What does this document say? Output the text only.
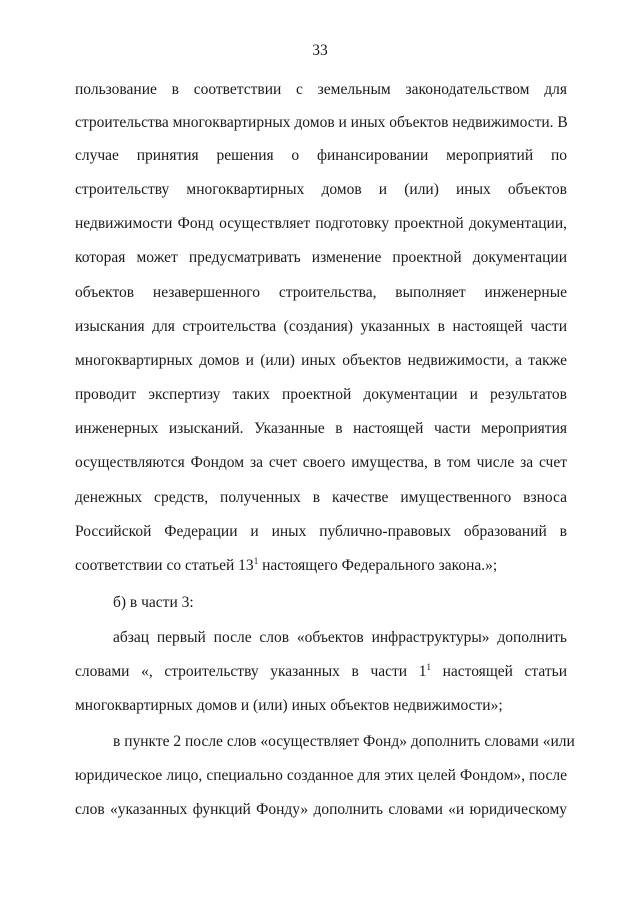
33
пользование в соответствии с земельным законодательством для
строительства многоквартирных домов и иных объектов недвижимости. В
случае принятия решения о финансировании мероприятий по
строительству многоквартирных домов и (или) иных объектов
недвижимости Фонд осуществляет подготовку проектной документации,
которая может предусматривать изменение проектной документации
объектов незавершенного строительства, выполняет инженерные
изыскания для строительства (создания) указанных в настоящей части
многоквартирных домов и (или) иных объектов недвижимости, а также
проводит экспертизу таких проектной документации и результатов
инженерных изысканий. Указанные в настоящей части мероприятия
осуществляются Фондом за счет своего имущества, в том числе за счет
денежных средств, полученных в качестве имущественного взноса
Российской Федерации и иных публично-правовых образований в
соответствии со статьей $13^1$ настоящего Федерального закона.»;
б) в части 3:
абзац первый после слов «объектов инфраструктуры» дополнить
словами «, строительству указанных в части $1^1$ настоящей статьи
многоквартирных домов и (или) иных объектов недвижимости»;
в пункте 2 после слов «осуществляет Фонд» дополнить словами «или
юридическое лицо, специально созданное для этих целей Фондом», после
слов «указанных функций Фонду» дополнить словами «и юридическому
